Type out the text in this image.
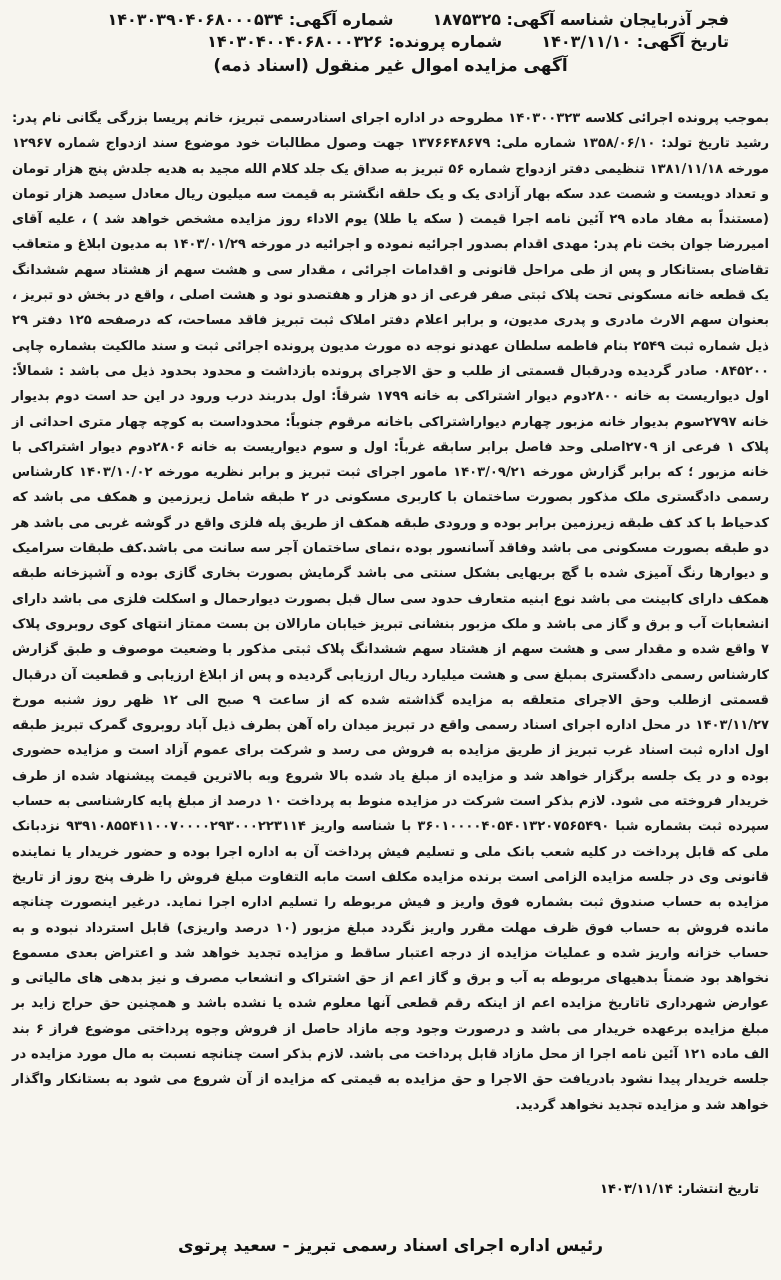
فجر آذربایجان شناسه آگهی: ۱۸۷۵۳۲۵  شماره آگهی: ۱۴۰۳۰۳۹۰۴۰۶۸۰۰۰۵۳۴
تاریخ آگهی: ۱۴۰۳/۱۱/۱۰  شماره پرونده: ۱۴۰۳۰۴۰۰۴۰۶۸۰۰۰۳۲۶
آگهی مزایده اموال غیر منقول (اسناد ذمه)

بموجب پرونده اجرائی کلاسه ۱۴۰۳۰۰۳۲۳ مطروحه در اداره اجرای اسنادرسمی تبریز، خانم پریسا بزرگی یگانی نام پدر: رشید تاریخ تولد: ۱۳۵۸/۰۶/۱۰ شماره ملی: ۱۳۷۶۶۴۸۶۷۹ جهت وصول مطالبات خود موضوع سند ازدواج شماره ۱۲۹۶۷ مورخه ۱۳۸۱/۱۱/۱۸ تنظیمی دفتر ازدواج شماره ۵۶ تبریز به صداق یک جلد کلام الله مجید به هدیه جلدش پنج هزار تومان و تعداد دویست و شصت عدد سکه بهار آزادی یک و یک حلقه انگشتر به قیمت سه میلیون ریال معادل سیصد هزار تومان (مستنداً به مفاد ماده ۲۹ آئین نامه اجرا قیمت ( سکه یا طلا) یوم الاداء روز مزایده مشخص خواهد شد ) ، علیه آقای امیررضا جوان بخت نام پدر: مهدی اقدام بصدور اجرائیه نموده و اجرائیه در مورخه ۱۴۰۳/۰۱/۲۹ به مدیون ابلاغ و متعاقب تقاضای بستانکار و پس از طی مراحل قانونی و اقدامات اجرائی ، مقدار سی و هشت سهم از هشتاد سهم ششدانگ یک قطعه خانه مسکونی تحت پلاک ثبتی صفر فرعی از دو هزار و هفتصدو نود و هشت اصلی ، واقع در بخش دو تبریز ، بعنوان سهم الارث مادری و پدری مدیون، و برابر اعلام دفتر املاک ثبت تبریز فاقد مساحت، که درصفحه ۱۲۵ دفتر ۲۹ ذیل شماره ثبت ۲۵۴۹ بنام فاطمه سلطان عهدنو نوجه ده مورث مدیون پرونده اجرائی ثبت و سند مالکیت بشماره چاپی ۰۸۴۵۲۰۰ صادر گردیده ودرقبال قسمتی از طلب و حق الاجرای پرونده بازداشت و محدود بحدود ذیل می باشد : شمالاً: اول دیواریست به خانه ۲۸۰۰دوم دیوار اشتراکی به خانه ۱۷۹۹ شرقاً: اول بدربند درب ورود در این حد است دوم بدیوار خانه ۲۷۹۷سوم بدیوار خانه مزبور چهارم دیواراشتراکی باخانه مرقوم جنوباً: محدوداست به کوچه چهار متری احداثی از پلاک ۱ فرعی از ۲۷۰۹اصلی وحد فاصل برابر سابقه غرباً: اول و سوم دیواریست به خانه ۲۸۰۶دوم دیوار اشتراکی با خانه مزبور ؛ که برابر گزارش مورخه ۱۴۰۳/۰۹/۲۱ مامور اجرای ثبت تبریز و برابر نظریه مورخه ۱۴۰۳/۱۰/۰۲ کارشناس رسمی دادگستری ملک مذکور بصورت ساختمان با کاربری مسکونی در ۲ طبقه شامل زیرزمین و همکف می باشد که کدحیاط با کد کف طبقه زیرزمین برابر بوده و ورودی طبقه همکف از طریق پله فلزی واقع در گوشه غربی می باشد هر دو طبقه بصورت مسکونی می باشد وفاقد آسانسور بوده ،نمای ساختمان آجر سه سانت می باشد.کف طبقات سرامیک و دیوارها رنگ آمیزی شده با گچ بریهایی بشکل سنتی می باشد گرمایش بصورت بخاری گازی بوده و آشپزخانه طبقه همکف دارای کابینت می باشد نوع ابنیه متعارف حدود سی سال قبل بصورت دیوارحمال و اسکلت فلزی می باشد دارای انشعابات آب و برق و گاز می باشد و ملک مزبور بنشانی تبریز خیابان مارالان بن بست ممتاز انتهای کوی روبروی پلاک ۷ واقع شده و مقدار سی و هشت سهم از هشتاد سهم ششدانگ پلاک ثبتی مذکور با وضعیت موصوف و طبق گزارش کارشناس رسمی دادگستری بمبلغ سی و هشت میلیارد ریال ارزیابی گردیده و پس از ابلاغ ارزیابی و قطعیت آن درقبال قسمتی ازطلب وحق الاجرای متعلقه به مزایده گذاشته شده که از ساعت ۹ صبح الی ۱۲ ظهر روز شنبه مورخ ۱۴۰۳/۱۱/۲۷ در محل اداره اجرای اسناد رسمی واقع در تبریز میدان راه آهن بطرف ذیل آباد روبروی گمرک تبریز طبقه اول اداره ثبت اسناد غرب تبریز از طریق مزایده به فروش می رسد و شرکت برای عموم آزاد است و مزایده حضوری بوده و در یک جلسه برگزار خواهد شد و مزایده از مبلغ یاد شده بالا شروع وبه بالاترین قیمت پیشنهاد شده از طرف خریدار فروخته می شود. لازم بذکر است شرکت در مزایده منوط به پرداخت ۱۰ درصد از مبلغ پایه کارشناسی به حساب سپرده ثبت بشماره شبا ۳۶۰۱۰۰۰۰۴۰۵۴۰۱۳۲۰۷۵۶۵۴۹۰ با شناسه واریز ۹۳۹۱۰۸۵۵۴۱۱۰۰۷۰۰۰۰۲۹۳۰۰۰۲۲۳۱۱۴ نزدبانک ملی که قابل پرداخت در کلیه شعب بانک ملی و تسلیم فیش پرداخت آن به اداره اجرا بوده و حضور خریدار یا نماینده قانونی وی در جلسه مزایده الزامی است برنده مزایده مکلف است مابه التفاوت مبلغ فروش را ظرف پنج روز از تاریخ مزایده به حساب صندوق ثبت بشماره فوق واریز و فیش مربوطه را تسلیم اداره اجرا نماید. درغیر اینصورت چنانچه مانده فروش به حساب فوق ظرف مهلت مقرر واریز نگردد مبلغ مزبور (۱۰ درصد واریزی) قابل استرداد نبوده و به حساب خزانه واریز شده و عملیات مزایده از درجه اعتبار ساقط و مزایده تجدید خواهد شد و اعتراض بعدی مسموع نخواهد بود ضمناً بدهیهای مربوطه به آب و برق و گاز اعم از حق اشتراک و انشعاب مصرف و نیز بدهی های مالیاتی و عوارض شهرداری تاتاریخ مزایده اعم از اینکه رقم قطعی آنها معلوم شده یا نشده باشد و همچنین حق حراج زاید بر مبلغ مزایده برعهده خریدار می باشد و درصورت وجود وجه مازاد حاصل از فروش وجوه پرداختی موضوع فراز ۶ بند الف ماده ۱۲۱ آئین نامه اجرا از محل مازاد قابل پرداخت می باشد. لازم بذکر است چنانچه نسبت به مال مورد مزایده در جلسه خریدار پیدا نشود بادریافت حق الاجرا و حق مزایده به قیمتی که مزایده از آن شروع می شود به بستانکار واگذار خواهد شد و مزایده تجدید نخواهد گردید.

تاریخ انتشار: ۱۴۰۳/۱۱/۱۴
رئیس اداره اجرای اسناد رسمی تبریز - سعید پرتوی
